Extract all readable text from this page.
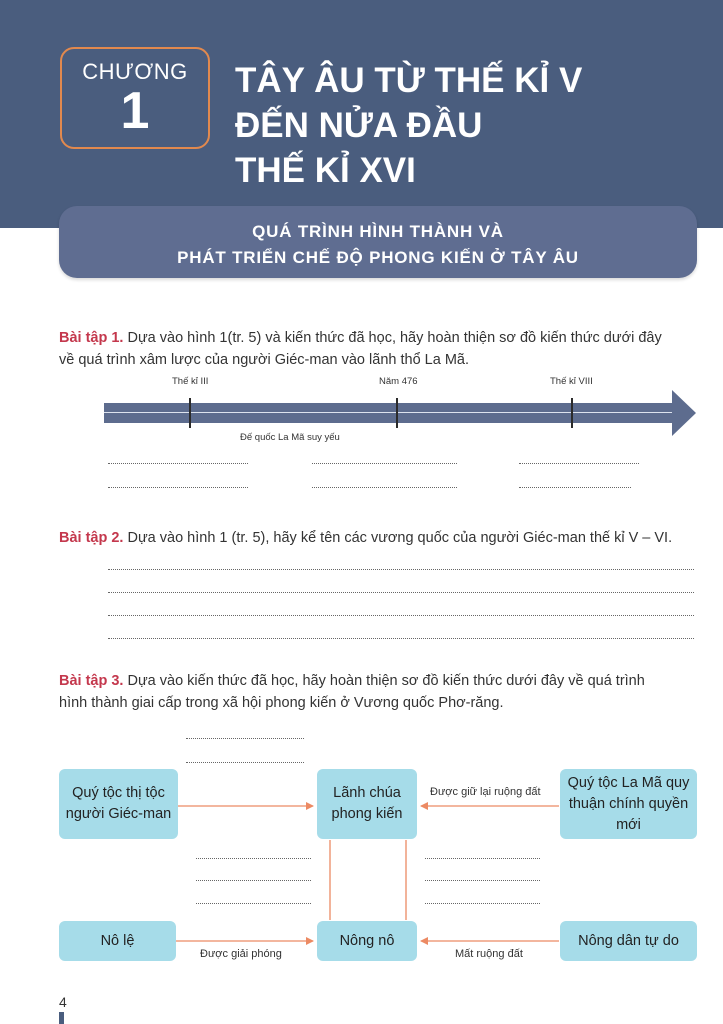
CHƯƠNG
1
TÂY ÂU TỪ THẾ KỈ V
ĐẾN NỬA ĐẦU
THẾ KỈ XVI
QUÁ TRÌNH HÌNH THÀNH VÀ
PHÁT TRIỂN CHẾ ĐỘ PHONG KIẾN Ở TÂY ÂU
Bài tập 1. Dựa vào hình 1(tr. 5) và kiến thức đã học, hãy hoàn thiện sơ đồ kiến thức dưới đây
về quá trình xâm lược của người Giéc-man vào lãnh thổ La Mã.
Thế kỉ III	Năm 476	Thế kỉ VIII
Đế quốc La Mã suy yếu
Bài tập 2. Dựa vào hình 1 (tr. 5), hãy kể tên các vương quốc của người Giéc-man thế kỉ V – VI.
Bài tập 3. Dựa vào kiến thức đã học, hãy hoàn thiện sơ đồ kiến thức dưới đây về quá trình
hình thành giai cấp trong xã hội phong kiến ở Vương quốc Phơ-răng.
Quý tộc thị tộc người Giéc-man
Lãnh chúa phong kiến
Quý tộc La Mã quy thuận chính quyền mới
Nô lệ	Nông nô	Nông dân tự do
Được giữ lại ruộng đất
Được giải phóng	Mất ruộng đất
4
